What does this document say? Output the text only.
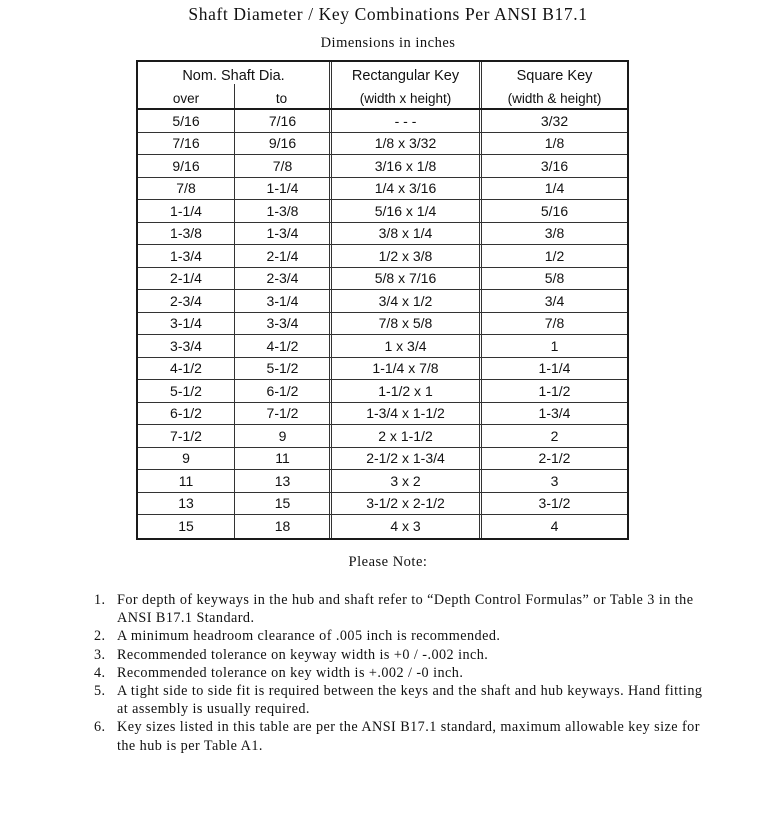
Shaft Diameter / Key Combinations Per ANSI B17.1
Dimensions in inches
Nom. Shaft Dia.
over	to
Rectangular Key
(width x height)
Square Key
(width & height)
5/16	7/16	- - -	3/32
7/16	9/16	1/8 x 3/32	1/8
9/16	7/8	3/16 x 1/8	3/16
7/8	1-1/4	1/4 x 3/16	1/4
1-1/4	1-3/8	5/16 x 1/4	5/16
1-3/8	1-3/4	3/8 x 1/4	3/8
1-3/4	2-1/4	1/2 x 3/8	1/2
2-1/4	2-3/4	5/8 x 7/16	5/8
2-3/4	3-1/4	3/4 x 1/2	3/4
3-1/4	3-3/4	7/8 x 5/8	7/8
3-3/4	4-1/2	1 x 3/4	1
4-1/2	5-1/2	1-1/4 x 7/8	1-1/4
5-1/2	6-1/2	1-1/2 x 1	1-1/2
6-1/2	7-1/2	1-3/4 x 1-1/2	1-3/4
7-1/2	9	2 x 1-1/2	2
9	11	2-1/2 x 1-3/4	2-1/2
11	13	3 x 2	3
13	15	3-1/2 x 2-1/2	3-1/2
15	18	4 x 3	4
Please Note:
1. For depth of keyways in the hub and shaft refer to “Depth Control Formulas” or Table 3 in the ANSI B17.1 Standard.
2. A minimum headroom clearance of .005 inch is recommended.
3. Recommended tolerance on keyway width is +0 / -.002 inch.
4. Recommended tolerance on key width is +.002 / -0 inch.
5. A tight side to side fit is required between the keys and the shaft and hub keyways. Hand fitting at assembly is usually required.
6. Key sizes listed in this table are per the ANSI B17.1 standard, maximum allowable key size for the hub is per Table A1.
